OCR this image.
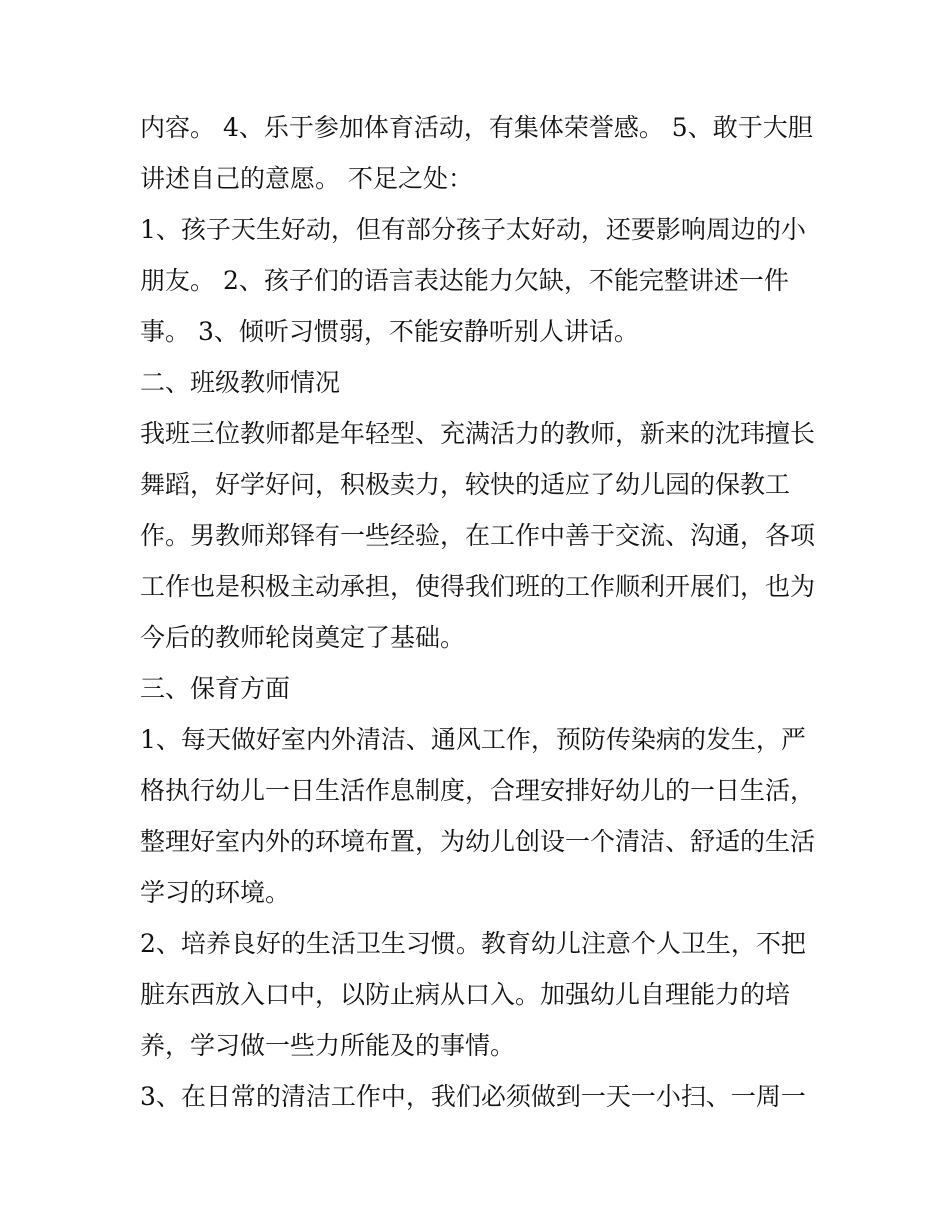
内容。 4、乐于参加体育活动，有集体荣誉感。 5、敢于大胆
讲述自己的意愿。 不足之处：
1、孩子天生好动，但有部分孩子太好动，还要影响周边的小
朋友。 2、孩子们的语言表达能力欠缺，不能完整讲述一件
事。 3、倾听习惯弱，不能安静听别人讲话。
二、班级教师情况
我班三位教师都是年轻型、充满活力的教师，新来的沈玮擅长
舞蹈，好学好问，积极卖力，较快的适应了幼儿园的保教工
作。男教师郑铎有一些经验，在工作中善于交流、沟通，各项
工作也是积极主动承担，使得我们班的工作顺利开展们，也为
今后的教师轮岗奠定了基础。
三、保育方面
1、每天做好室内外清洁、通风工作，预防传染病的发生，严
格执行幼儿一日生活作息制度，合理安排好幼儿的一日生活，
整理好室内外的环境布置，为幼儿创设一个清洁、舒适的生活
学习的环境。
2、培养良好的生活卫生习惯。教育幼儿注意个人卫生，不把
脏东西放入口中，以防止病从口入。加强幼儿自理能力的培
养，学习做一些力所能及的事情。
3、在日常的清洁工作中，我们必须做到一天一小扫、一周一
